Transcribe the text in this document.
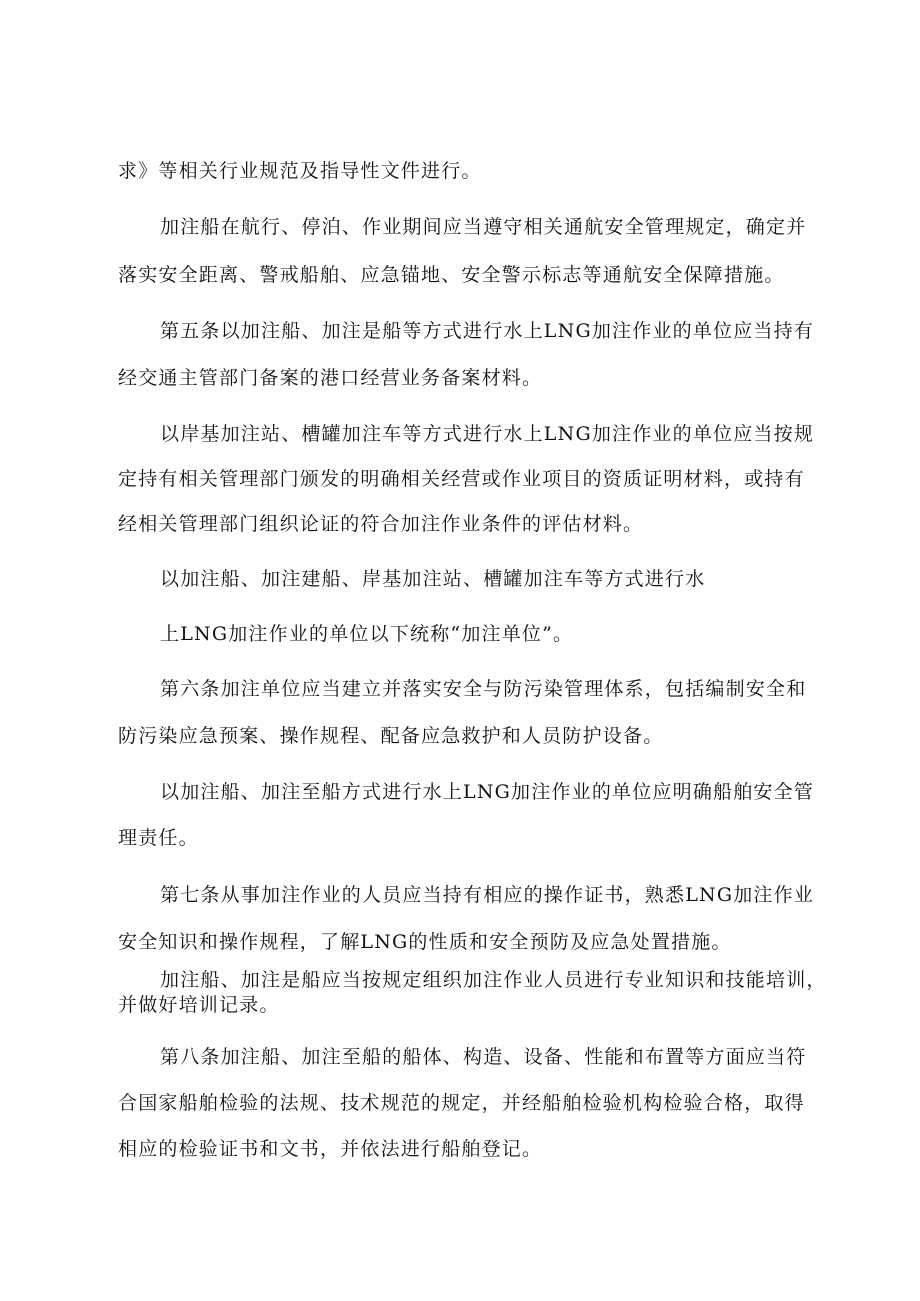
求》等相关行业规范及指导性文件进行。
加注船在航行、停泊、作业期间应当遵守相关通航安全管理规定，确定并
落实安全距离、警戒船舶、应急锚地、安全警示标志等通航安全保障措施。
第五条以加注船、加注是船等方式进行水上LNG加注作业的单位应当持有
经交通主管部门备案的港口经营业务备案材料。
以岸基加注站、槽罐加注车等方式进行水上LNG加注作业的单位应当按规
定持有相关管理部门颁发的明确相关经营或作业项目的资质证明材料，或持有
经相关管理部门组织论证的符合加注作业条件的评估材料。
以加注船、加注建船、岸基加注站、槽罐加注车等方式进行水
上LNG加注作业的单位以下统称“加注单位”。
第六条加注单位应当建立并落实安全与防污染管理体系，包括编制安全和
防污染应急预案、操作规程、配备应急救护和人员防护设备。
以加注船、加注至船方式进行水上LNG加注作业的单位应明确船舶安全管
理责任。
第七条从事加注作业的人员应当持有相应的操作证书，熟悉LNG加注作业
安全知识和操作规程，了解LNG的性质和安全预防及应急处置措施。
加注船、加注是船应当按规定组织加注作业人员进行专业知识和技能培训，
并做好培训记录。
第八条加注船、加注至船的船体、构造、设备、性能和布置等方面应当符
合国家船舶检验的法规、技术规范的规定，并经船舶检验机构检验合格，取得
相应的检验证书和文书，并依法进行船舶登记。
